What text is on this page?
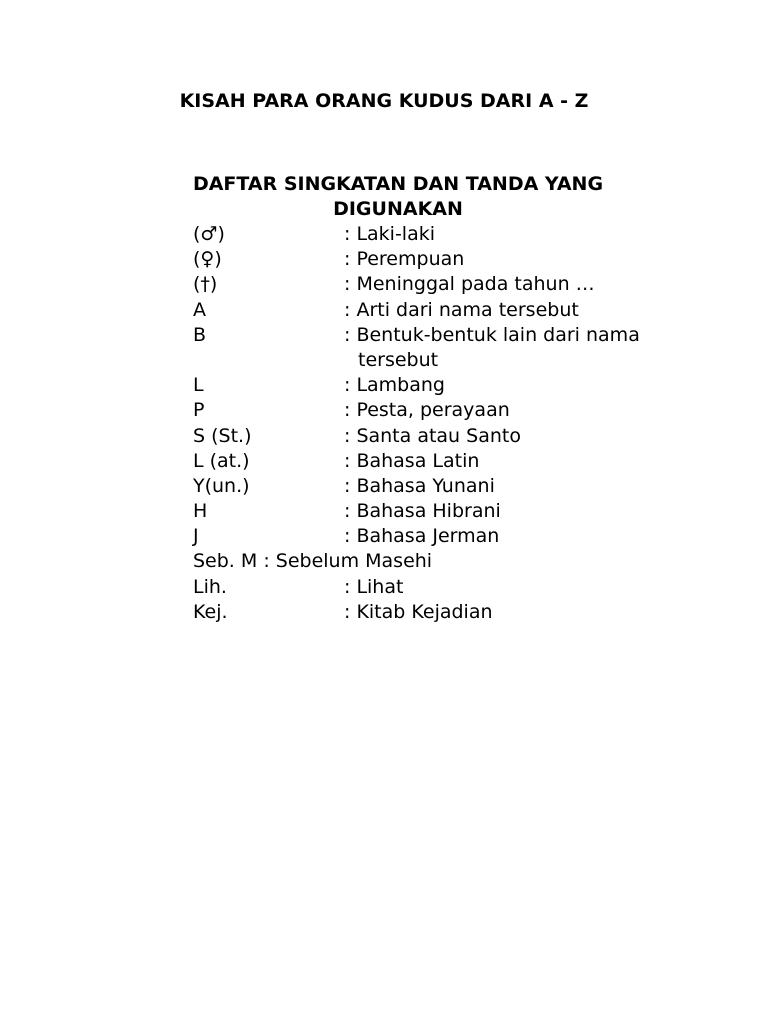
KISAH PARA ORANG KUDUS DARI A - Z
DAFTAR SINGKATAN DAN TANDA YANG DIGUNAKAN
(♂)	: Laki-laki
(♀)	: Perempuan
(†)	: Meninggal pada tahun …
A	: Arti dari nama tersebut
B	: Bentuk-bentuk lain dari nama
tersebut
L	: Lambang
P	: Pesta, perayaan
S (St.)	: Santa atau Santo
L (at.)	: Bahasa Latin
Y(un.)	: Bahasa Yunani
H	: Bahasa Hibrani
J	: Bahasa Jerman
Seb. M : Sebelum Masehi
Lih.	: Lihat
Kej.	: Kitab Kejadian
